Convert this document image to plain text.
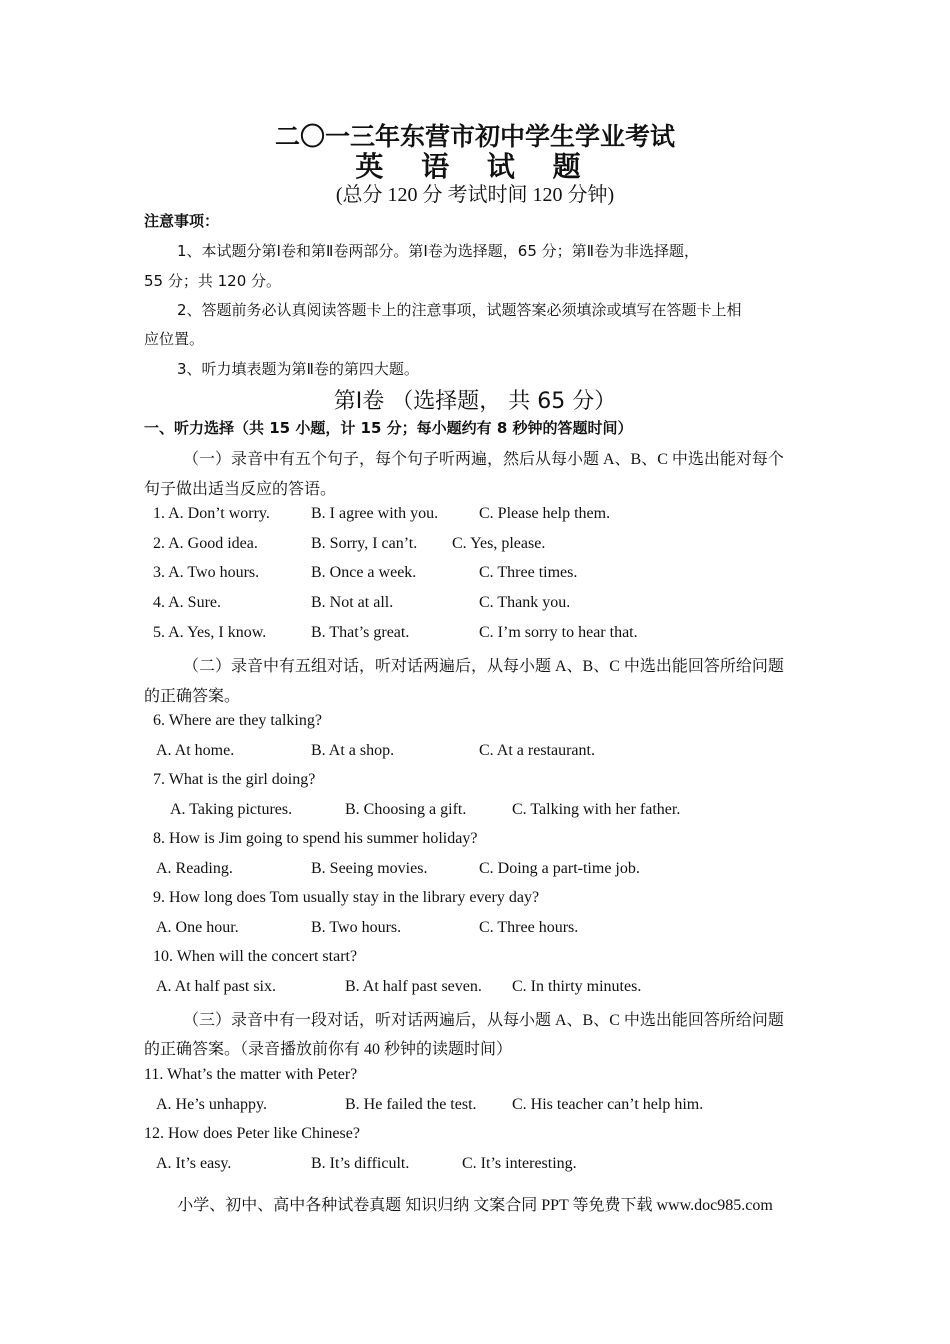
二〇一三年东营市初中学生学业考试
英 语 试 题
(总分 120 分 考试时间 120 分钟)
注意事项：
1、本试题分第Ⅰ卷和第Ⅱ卷两部分。第Ⅰ卷为选择题，65 分；第Ⅱ卷为非选择题，
55 分；共 120 分。
2、答题前务必认真阅读答题卡上的注意事项，试题答案必须填涂或填写在答题卡上相
应位置。
3、听力填表题为第Ⅱ卷的第四大题。
第Ⅰ卷 （选择题， 共 65 分）
一、听力选择（共 15 小题，计 15 分；每小题约有 8 秒钟的答题时间）
（一）录音中有五个句子，每个句子听两遍，然后从每小题 A、B、C 中选出能对每个
句子做出适当反应的答语。
1. A. Don’t worry.	B. I agree with you.	C. Please help them.
2. A. Good idea.	B. Sorry, I can’t. C. Yes, please.
3. A. Two hours.	B. Once a week.	C. Three times.
4. A. Sure.	B. Not at all.	C. Thank you.
5. A. Yes, I know.	B. That’s great.	C. I’m sorry to hear that.
（二）录音中有五组对话，听对话两遍后，从每小题 A、B、C 中选出能回答所给问题
的正确答案。
6. Where are they talking?
A. At home.	B. At a shop.	C. At a restaurant.
7. What is the girl doing?
A. Taking pictures.	B. Choosing a gift.	C. Talking with her father.
8. How is Jim going to spend his summer holiday?
A. Reading.	B. Seeing movies.	C. Doing a part-time job.
9. How long does Tom usually stay in the library every day?
A. One hour.	B. Two hours.	C. Three hours.
10. When will the concert start?
A. At half past six.	B. At half past seven. C. In thirty minutes.
（三）录音中有一段对话，听对话两遍后，从每小题 A、B、C 中选出能回答所给问题
的正确答案。（录音播放前你有 40 秒钟的读题时间）
11. What’s the matter with Peter?
A. He’s unhappy.	B. He failed the test. C. His teacher can’t help him.
12. How does Peter like Chinese?
A. It’s easy.	B. It’s difficult.	C. It’s interesting.
小学、初中、高中各种试卷真题 知识归纳 文案合同 PPT 等免费下载 www.doc985.com
